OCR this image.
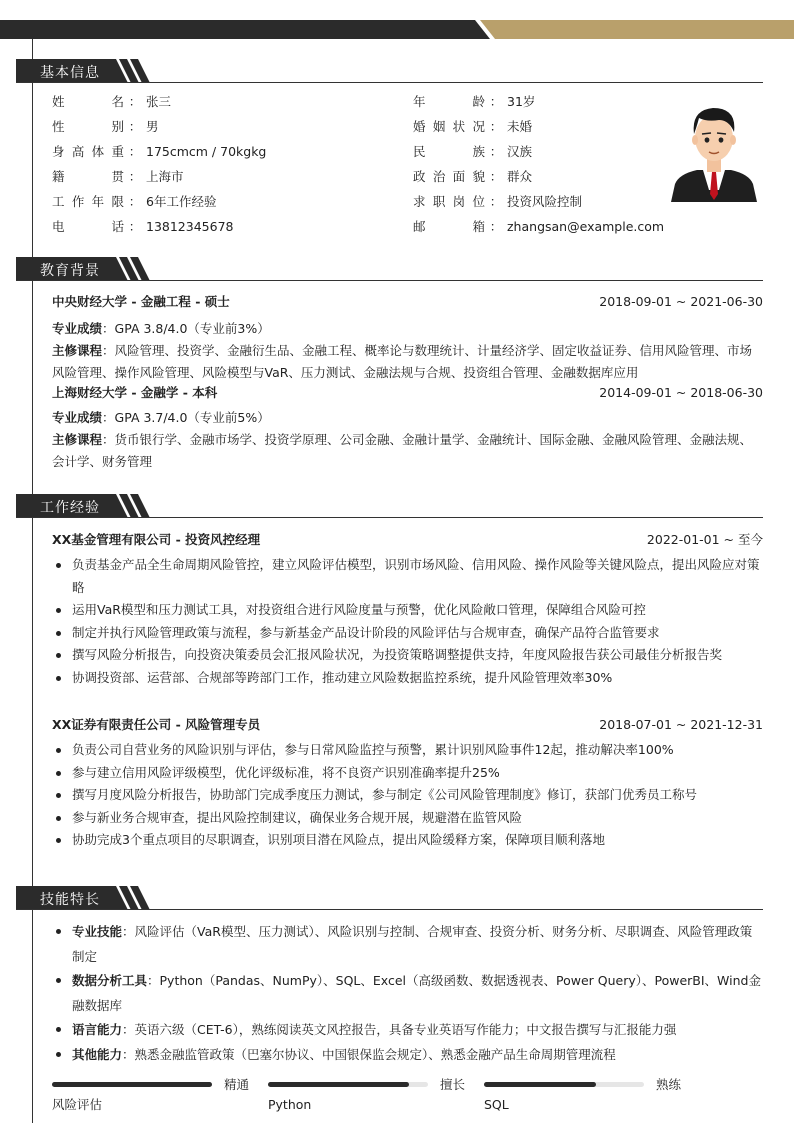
基本信息
姓名 ： 张三
性别 ： 男
身高体重 ： 175cmcm / 70kgkg
籍贯 ： 上海市
工作年限 ： 6年工作经验
电话 ： 13812345678
年龄 ： 31岁
婚姻状况 ： 未婚
民族 ： 汉族
政治面貌 ： 群众
求职岗位 ： 投资风险控制
邮箱 ： zhangsan@example.com
教育背景
中央财经大学 - 金融工程 - 硕士	2018-09-01 ~ 2021-06-30
专业成绩：GPA 3.8/4.0（专业前3%）
主修课程：风险管理、投资学、金融衍生品、金融工程、概率论与数理统计、计量经济学、固定收益证券、信用风险管理、市场风险管理、操作风险管理、风险模型与VaR、压力测试、金融法规与合规、投资组合管理、金融数据库应用
上海财经大学 - 金融学 - 本科	2014-09-01 ~ 2018-06-30
专业成绩：GPA 3.7/4.0（专业前5%）
主修课程：货币银行学、金融市场学、投资学原理、公司金融、金融计量学、金融统计、国际金融、金融风险管理、金融法规、会计学、财务管理
工作经验
XX基金管理有限公司 - 投资风控经理	2022-01-01 ~ 至今
负责基金产品全生命周期风险管控，建立风险评估模型，识别市场风险、信用风险、操作风险等关键风险点，提出风险应对策略
运用VaR模型和压力测试工具，对投资组合进行风险度量与预警，优化风险敞口管理，保障组合风险可控
制定并执行风险管理政策与流程，参与新基金产品设计阶段的风险评估与合规审查，确保产品符合监管要求
撰写风险分析报告，向投资决策委员会汇报风险状况，为投资策略调整提供支持，年度风险报告获公司最佳分析报告奖
协调投资部、运营部、合规部等跨部门工作，推动建立风险数据监控系统，提升风险管理效率30%
XX证券有限责任公司 - 风险管理专员	2018-07-01 ~ 2021-12-31
负责公司自营业务的风险识别与评估，参与日常风险监控与预警，累计识别风险事件12起，推动解决率100%
参与建立信用风险评级模型，优化评级标准，将不良资产识别准确率提升25%
撰写月度风险分析报告，协助部门完成季度压力测试，参与制定《公司风险管理制度》修订，获部门优秀员工称号
参与新业务合规审查，提出风险控制建议，确保业务合规开展，规避潜在监管风险
协助完成3个重点项目的尽职调查，识别项目潜在风险点，提出风险缓释方案，保障项目顺利落地
技能特长
专业技能：风险评估（VaR模型、压力测试）、风险识别与控制、合规审查、投资分析、财务分析、尽职调查、风险管理政策制定
数据分析工具：Python（Pandas、NumPy）、SQL、Excel（高级函数、数据透视表、Power Query）、PowerBI、Wind金融数据库
语言能力：英语六级（CET-6），熟练阅读英文风控报告，具备专业英语写作能力；中文报告撰写与汇报能力强
其他能力：熟悉金融监管政策（巴塞尔协议、中国银保监会规定）、熟悉金融产品生命周期管理流程
精通
风险评估
擅长
Python
熟练
SQL
